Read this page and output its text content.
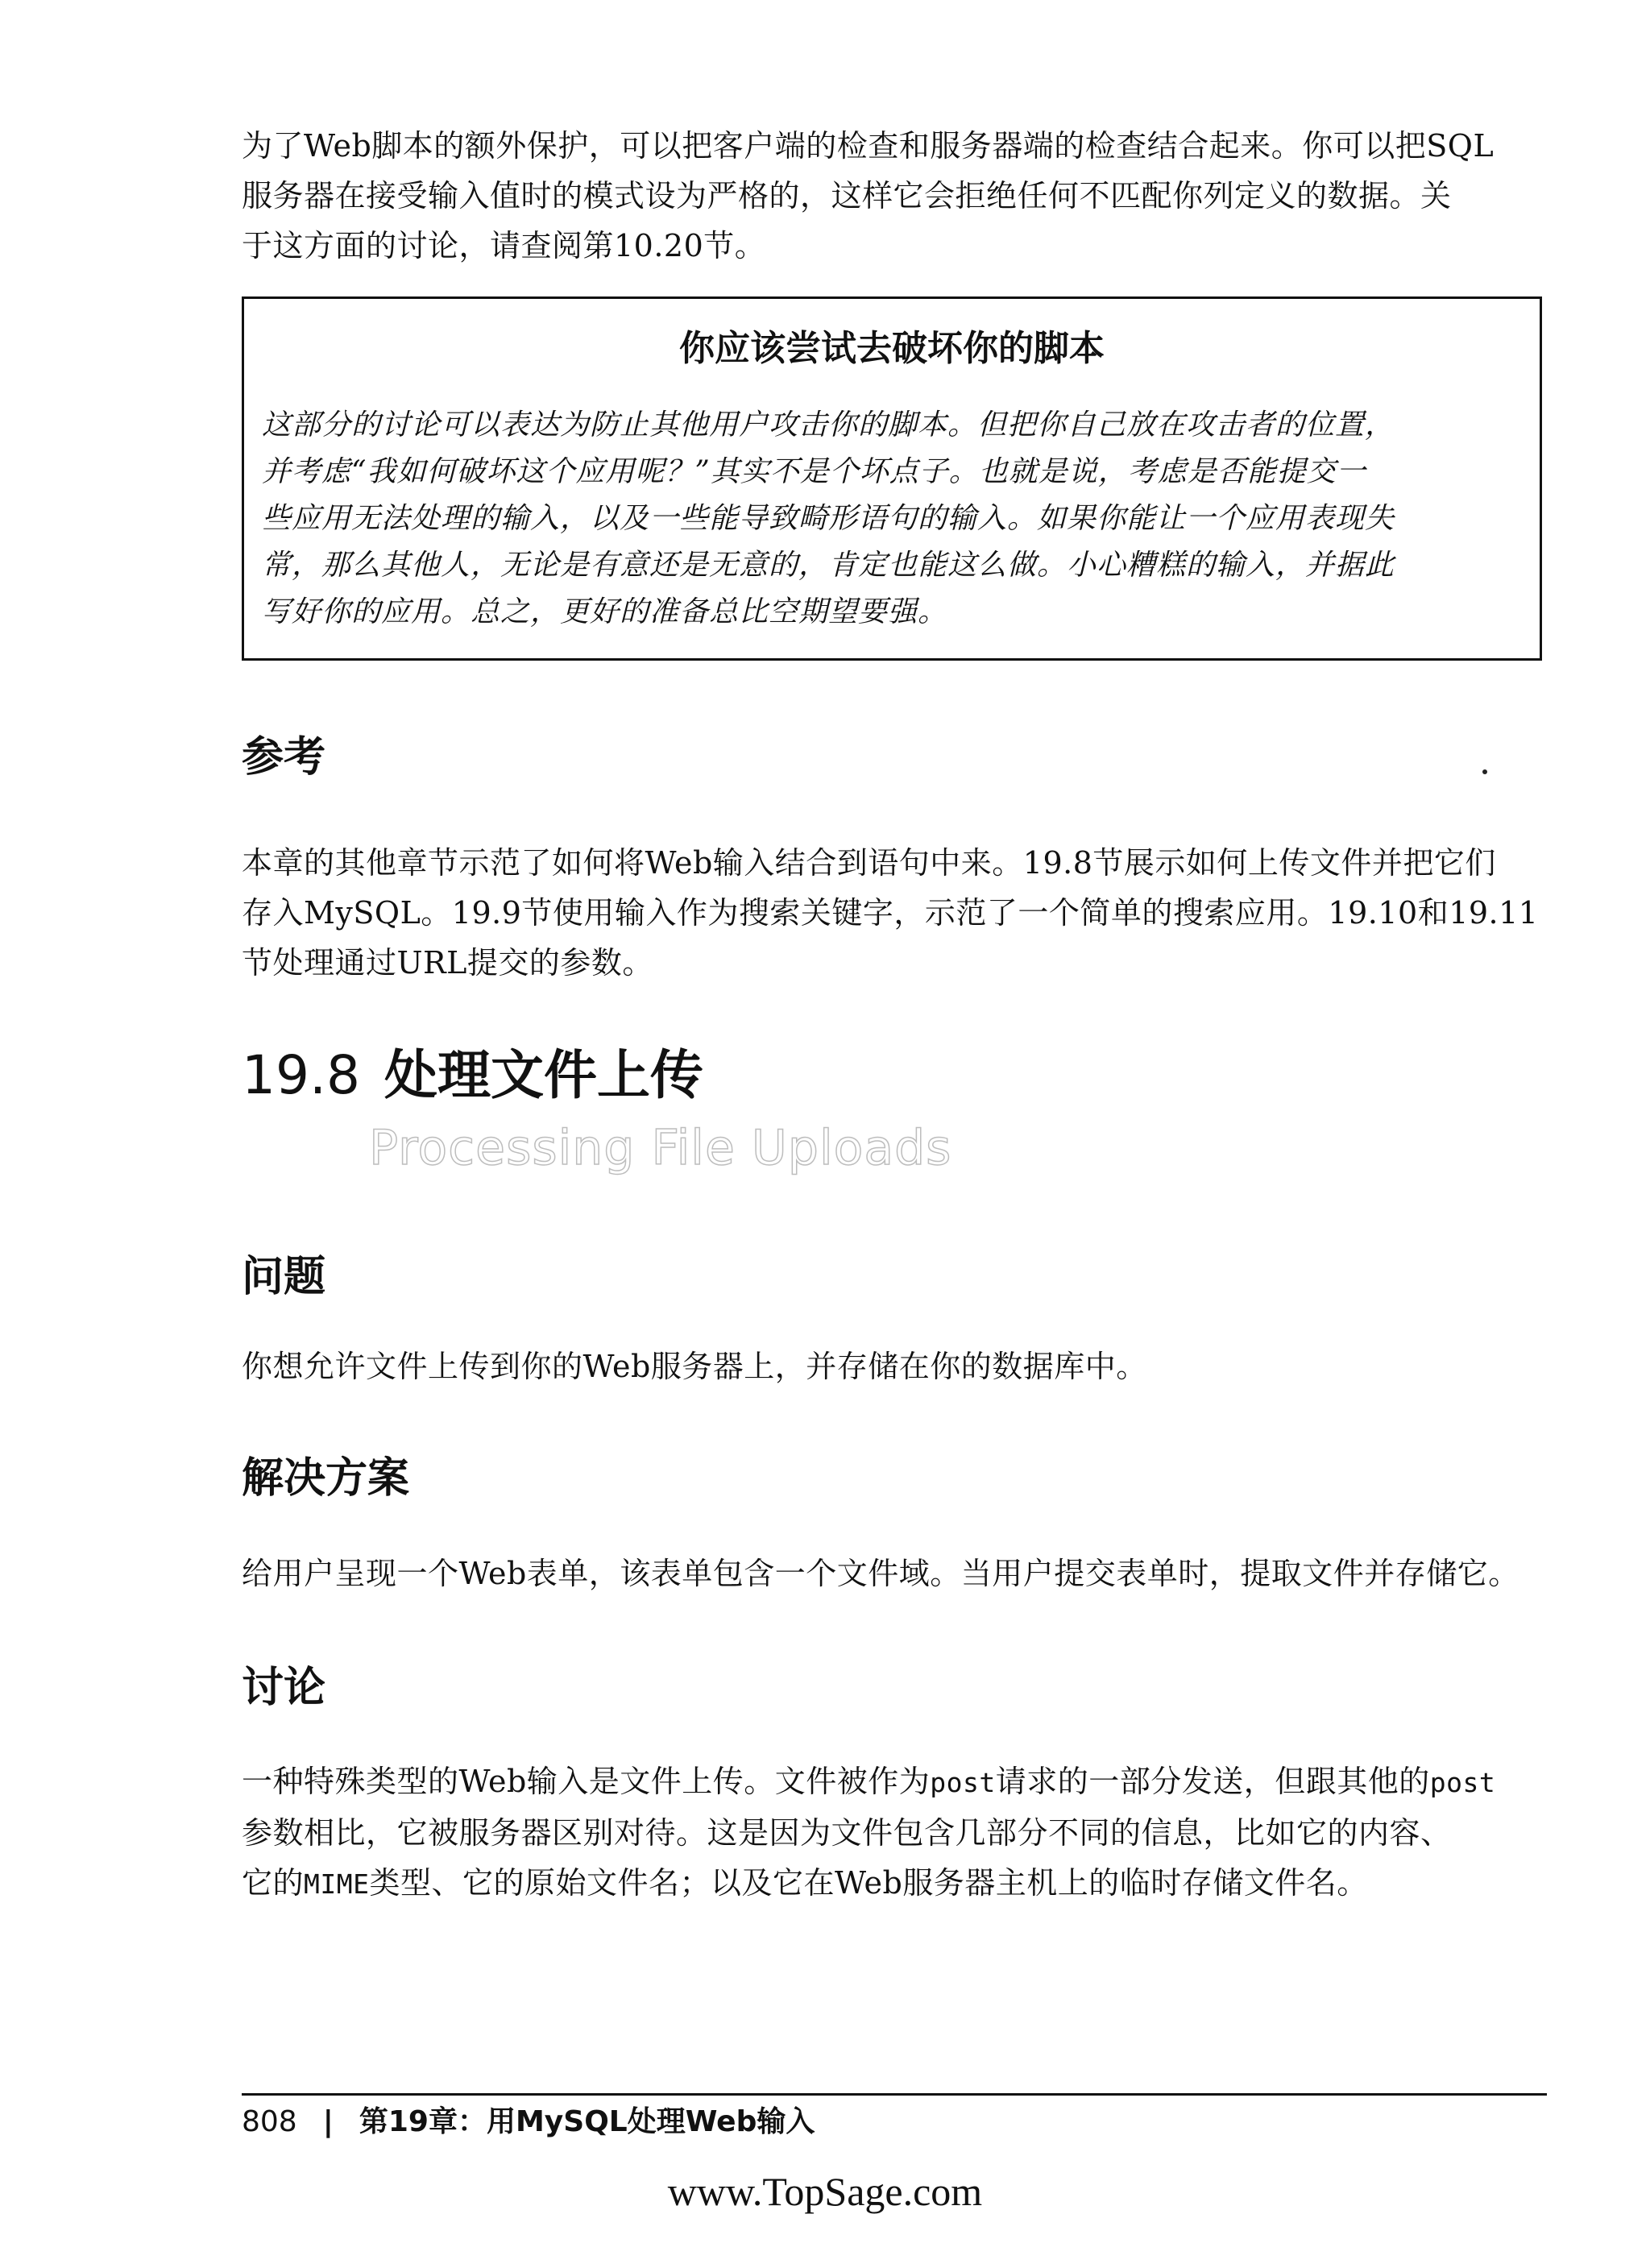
为了Web脚本的额外保护，可以把客户端的检查和服务器端的检查结合起来。你可以把SQL
服务器在接受输入值时的模式设为严格的，这样它会拒绝任何不匹配你列定义的数据。关
于这方面的讨论，请查阅第10.20节。

你应该尝试去破坏你的脚本

这部分的讨论可以表达为防止其他用户攻击你的脚本。但把你自己放在攻击者的位置，
并考虑“我如何破坏这个应用呢？”其实不是个坏点子。也就是说，考虑是否能提交一
些应用无法处理的输入，以及一些能导致畸形语句的输入。如果你能让一个应用表现失
常，那么其他人，无论是有意还是无意的，肯定也能这么做。小心糟糕的输入，并据此
写好你的应用。总之，更好的准备总比空期望要强。

参考

本章的其他章节示范了如何将Web输入结合到语句中来。19.8节展示如何上传文件并把它们
存入MySQL。19.9节使用输入作为搜索关键字，示范了一个简单的搜索应用。19.10和19.11
节处理通过URL提交的参数。

19.8 处理文件上传
Processing File Uploads
问题

你想允许文件上传到你的Web服务器上，并存储在你的数据库中。

解决方案

给用户呈现一个Web表单，该表单包含一个文件域。当用户提交表单时，提取文件并存储它。

讨论

一种特殊类型的Web输入是文件上传。文件被作为post请求的一部分发送，但跟其他的post
参数相比，它被服务器区别对待。这是因为文件包含几部分不同的信息，比如它的内容、
它的MIME类型、它的原始文件名；以及它在Web服务器主机上的临时存储文件名。

808 | 第19章：用MySQL处理Web输入
www.TopSage.com
